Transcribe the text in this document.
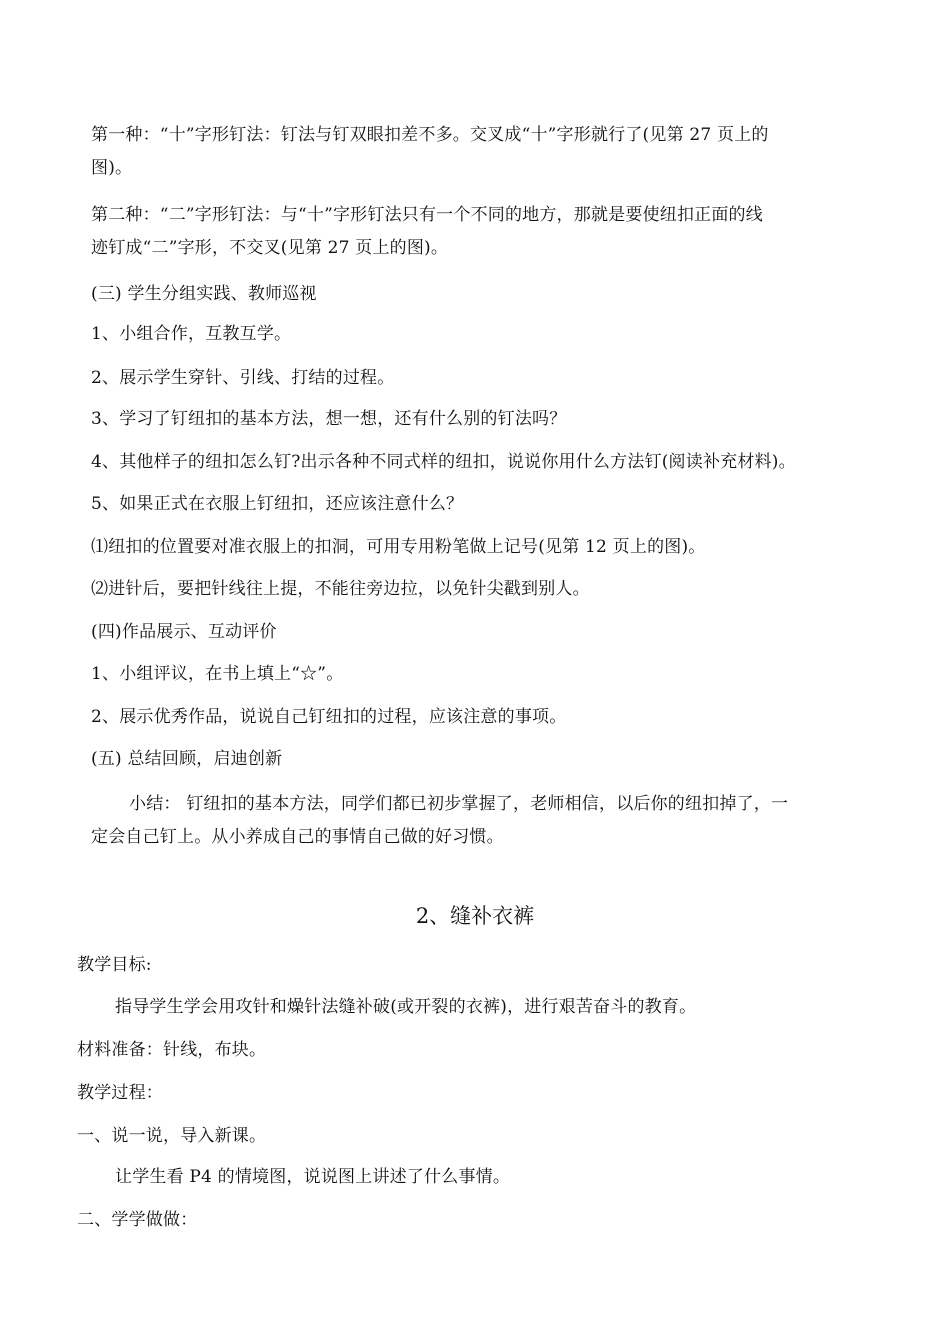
第一种：“十”字形钉法：钉法与钉双眼扣差不多。交叉成“十”字形就行了(见第 27 页上的
图)。
第二种：“二”字形钉法：与“十”字形钉法只有一个不同的地方，那就是要使纽扣正面的线
迹钉成“二”字形，不交叉(见第 27 页上的图)。
(三) 学生分组实践、教师巡视
1、小组合作，互教互学。
2、展示学生穿针、引线、打结的过程。
3、学习了钉纽扣的基本方法，想一想，还有什么别的钉法吗？
4、其他样子的纽扣怎么钉?出示各种不同式样的纽扣，说说你用什么方法钉(阅读补充材料)。
5、如果正式在衣服上钉纽扣，还应该注意什么？
⑴纽扣的位置要对准衣服上的扣洞，可用专用粉笔做上记号(见第 12 页上的图)。
⑵进针后，要把针线往上提，不能往旁边拉，以免针尖戳到别人。
(四)作品展示、互动评价
1、小组评议，在书上填上“☆”。
2、展示优秀作品，说说自己钉纽扣的过程，应该注意的事项。
(五) 总结回顾，启迪创新
小结： 钉纽扣的基本方法，同学们都已初步掌握了，老师相信，以后你的纽扣掉了，一
定会自己钉上。从小养成自己的事情自己做的好习惯。
2、缝补衣裤
教学目标:
指导学生学会用攻针和燥针法缝补破(或开裂的衣裤)，进行艰苦奋斗的教育。
材料准备：针线，布块。
教学过程：
一、说一说，导入新课。
让学生看 P4 的情境图，说说图上讲述了什么事情。
二、学学做做：
